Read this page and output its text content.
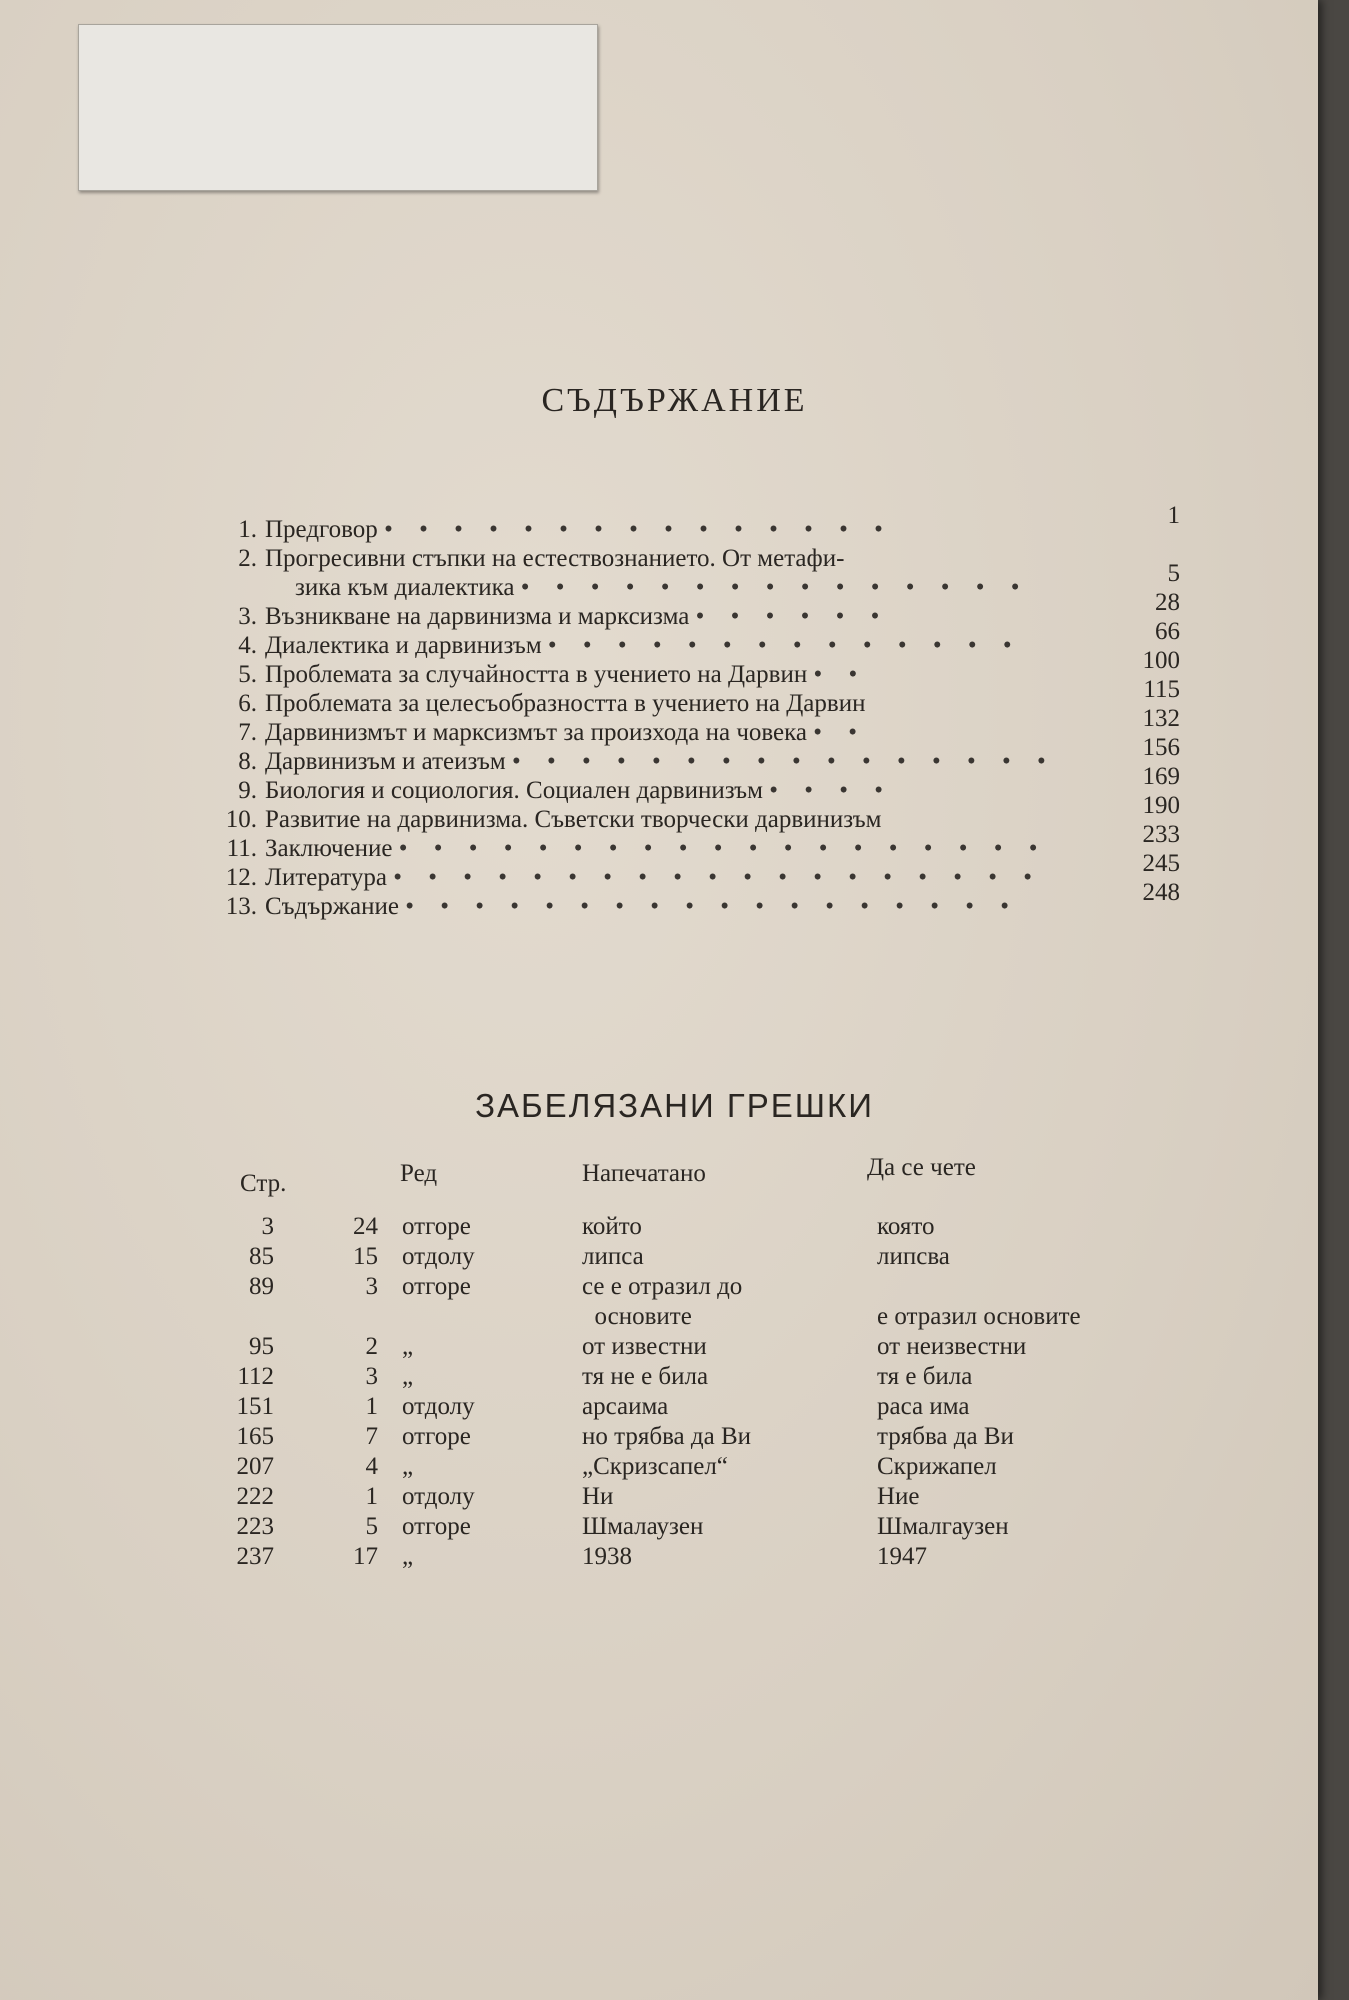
СЪДЪРЖАНИЕ
1. Предговор • • • • • • • • • • • • • • •
1
2. Прогресивни стъпки на естествознанието. От метафи-
зика към диалектика • • • • • • • • • • • • • • •
5
3. Възникване на дарвинизма и марксизма • • • • • •
28
4. Диалектика и дарвинизъм • • • • • • • • • • • • • •
66
5. Проблемата за случайността в учението на Дарвин • •
100
6. Проблемата за целесъобразността в учението на Дарвин
115
7. Дарвинизмът и марксизмът за произхода на човека • •
132
8. Дарвинизъм и атеизъм • • • • • • • • • • • • • • • •
156
9. Биология и социология. Социален дарвинизъм • • • •
169
10. Развитие на дарвинизма. Съветски творчески дарвинизъм
190
11. Заключение • • • • • • • • • • • • • • • • • • •
233
12. Литература • • • • • • • • • • • • • • • • • • •
245
13. Съдържание • • • • • • • • • • • • • • • • • •
248
ЗАБЕЛЯЗАНИ ГРЕШКИ
Стр.	Ред	Напечатано	Да се чете
3	24 отгоре	който	която
85	15 отдолу	липса	липсва
89	3 отгоре	се е отразил до
основите	е отразил основите
95	2 „	от известни	от неизвестни
112	3 „	тя не е била	тя е била
151	1 отдолу	арсаима	раса има
165	7 отгоре	но трябва да Ви	трябва да Ви
207	4 „	„Скризсапел“	Скрижапел
222	1 отдолу	Ни	Ние
223	5 отгоре	Шмалаузен	Шмалгаузен
237	17 „	1938	1947
